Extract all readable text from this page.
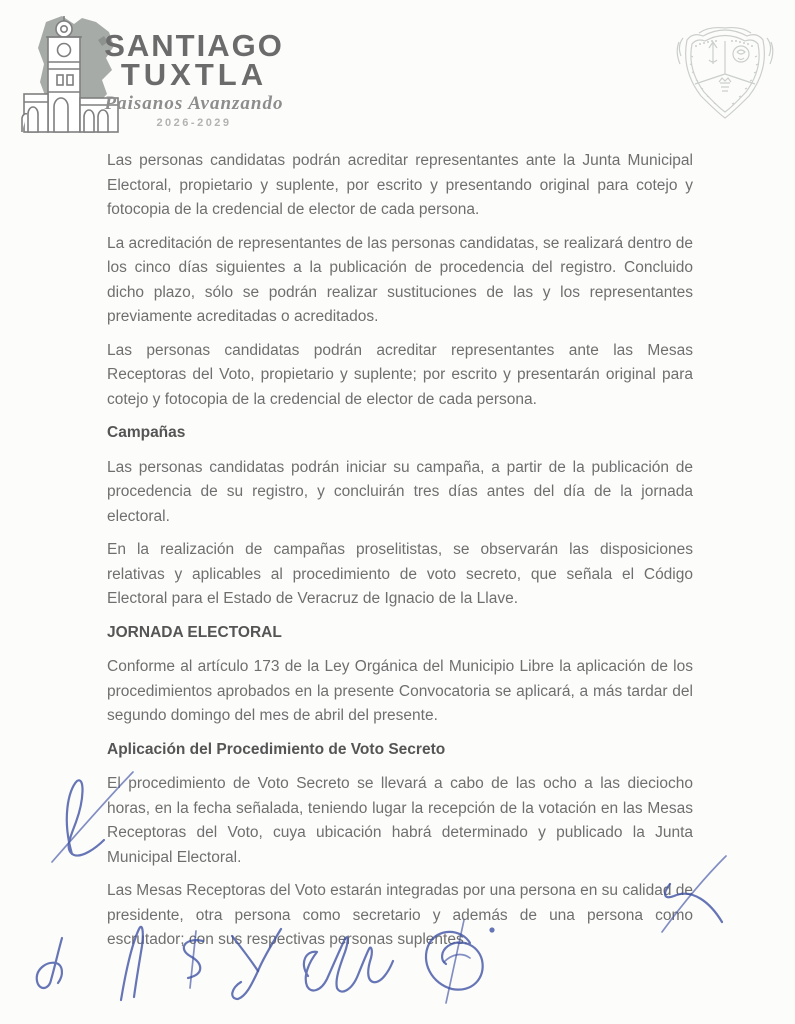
SANTIAGO
TUXTLA
Paisanos Avanzando
2026-2029

Las personas candidatas podrán acreditar representantes ante la Junta Municipal Electoral, propietario y suplente, por escrito y presentando original para cotejo y fotocopia de la credencial de elector de cada persona.

La acreditación de representantes de las personas candidatas, se realizará dentro de los cinco días siguientes a la publicación de procedencia del registro. Concluido dicho plazo, sólo se podrán realizar sustituciones de las y los representantes previamente acreditadas o acreditados.

Las personas candidatas podrán acreditar representantes ante las Mesas Receptoras del Voto, propietario y suplente; por escrito y presentarán original para cotejo y fotocopia de la credencial de elector de cada persona.

Campañas

Las personas candidatas podrán iniciar su campaña, a partir de la publicación de procedencia de su registro, y concluirán tres días antes del día de la jornada electoral.

En la realización de campañas proselitistas, se observarán las disposiciones relativas y aplicables al procedimiento de voto secreto, que señala el Código Electoral para el Estado de Veracruz de Ignacio de la Llave.

JORNADA ELECTORAL

Conforme al artículo 173 de la Ley Orgánica del Municipio Libre la aplicación de los procedimientos aprobados en la presente Convocatoria se aplicará, a más tardar del segundo domingo del mes de abril del presente.

Aplicación del Procedimiento de Voto Secreto

El procedimiento de Voto Secreto se llevará a cabo de las ocho a las dieciocho horas, en la fecha señalada, teniendo lugar la recepción de la votación en las Mesas Receptoras del Voto, cuya ubicación habrá determinado y publicado la Junta Municipal Electoral.

Las Mesas Receptoras del Voto estarán integradas por una persona en su calidad de presidente, otra persona como secretario y además de una persona como escrutador; con sus respectivas personas suplentes.
